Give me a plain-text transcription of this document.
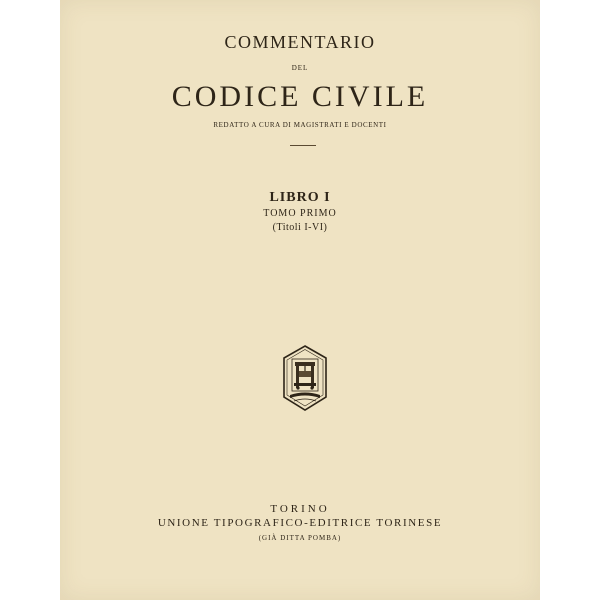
COMMENTARIO
DEL
CODICE CIVILE
REDATTO A CURA DI MAGISTRATI E DOCENTI
LIBRO I
TOMO PRIMO
(Titoli I-VI)
TORINO
UNIONE TIPOGRAFICO-EDITRICE TORINESE
(GIÀ DITTA POMBA)
